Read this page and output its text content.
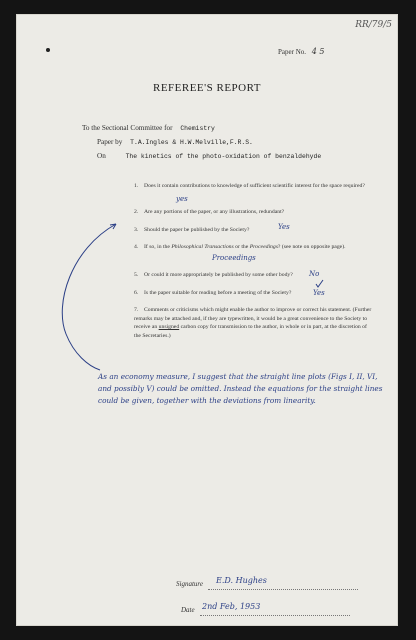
RR/79/5
Paper No. 4 5
REFEREE'S REPORT
To the Sectional Committee for Chemistry
Paper by T.A.Ingles & H.W.Melville,F.R.S.
On	The kinetics of the photo-oxidation of benzaldehyde
1. Does it contain contributions to knowledge of sufficient scientific interest for the space required?
2. Are any portions of the paper, or any illustrations, redundant?
3. Should the paper be published by the Society?
4. If so, in the Philosophical Transactions or the Proceedings? (see note on opposite page).
5. Or could it more appropriately be published by some other body?
6. Is the paper suitable for reading before a meeting of the Society?
7. Comments or criticisms which might enable the author to improve or correct his statement. (Further remarks may be attached and, if they are typewritten, it would be a great convenience to the Society to receive an unsigned carbon copy for transmission to the author, in whole or in part, at the discretion of the Secretaries.)
yes
Yes
Proceedings
No
Yes
As an economy measure, I suggest that the straight line plots (Figs I, II, VI, and possibly V) could be omitted. Instead the equations for the straight lines could be given, together with the deviations from linearity.
Signature E.D. Hughes
Date 2nd Feb, 1953
